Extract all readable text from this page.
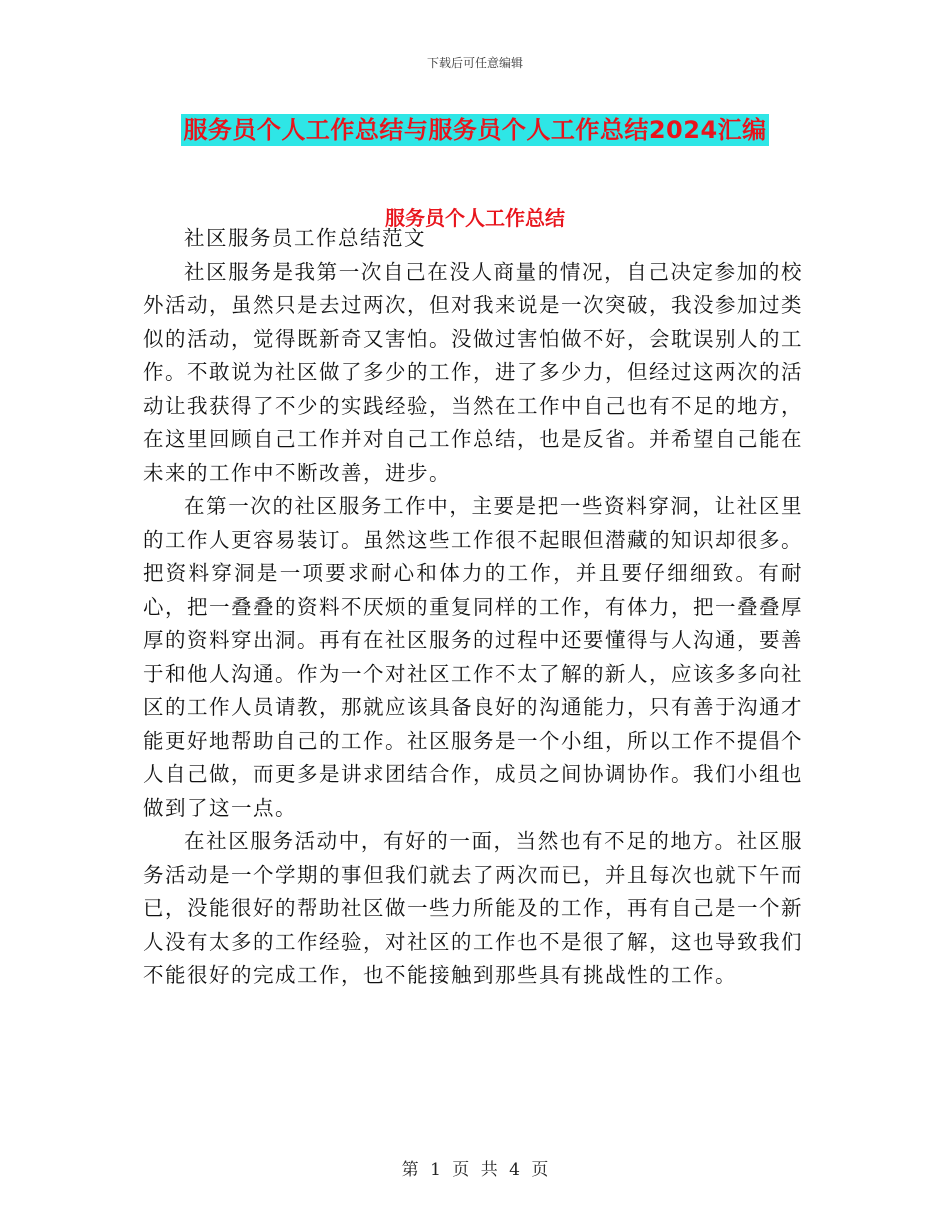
下载后可任意编辑
服务员个人工作总结与服务员个人工作总结2024汇编
服务员个人工作总结

社区服务员工作总结范文

社区服务是我第一次自己在没人商量的情况，自己决定参加的校外活动，虽然只是去过两次，但对我来说是一次突破，我没参加过类似的活动，觉得既新奇又害怕。没做过害怕做不好，会耽误别人的工作。不敢说为社区做了多少的工作，进了多少力，但经过这两次的活动让我获得了不少的实践经验，当然在工作中自己也有不足的地方，在这里回顾自己工作并对自己工作总结，也是反省。并希望自己能在未来的工作中不断改善，进步。

在第一次的社区服务工作中，主要是把一些资料穿洞，让社区里的工作人更容易装订。虽然这些工作很不起眼但潜藏的知识却很多。把资料穿洞是一项要求耐心和体力的工作，并且要仔细细致。有耐心，把一叠叠的资料不厌烦的重复同样的工作，有体力，把一叠叠厚厚的资料穿出洞。再有在社区服务的过程中还要懂得与人沟通，要善于和他人沟通。作为一个对社区工作不太了解的新人，应该多多向社区的工作人员请教，那就应该具备良好的沟通能力，只有善于沟通才能更好地帮助自己的工作。社区服务是一个小组，所以工作不提倡个人自己做，而更多是讲求团结合作，成员之间协调协作。我们小组也做到了这一点。

在社区服务活动中，有好的一面，当然也有不足的地方。社区服务活动是一个学期的事但我们就去了两次而已，并且每次也就下午而已，没能很好的帮助社区做一些力所能及的工作，再有自己是一个新人没有太多的工作经验，对社区的工作也不是很了解，这也导致我们不能很好的完成工作，也不能接触到那些具有挑战性的工作。

第 1 页 共 4 页
